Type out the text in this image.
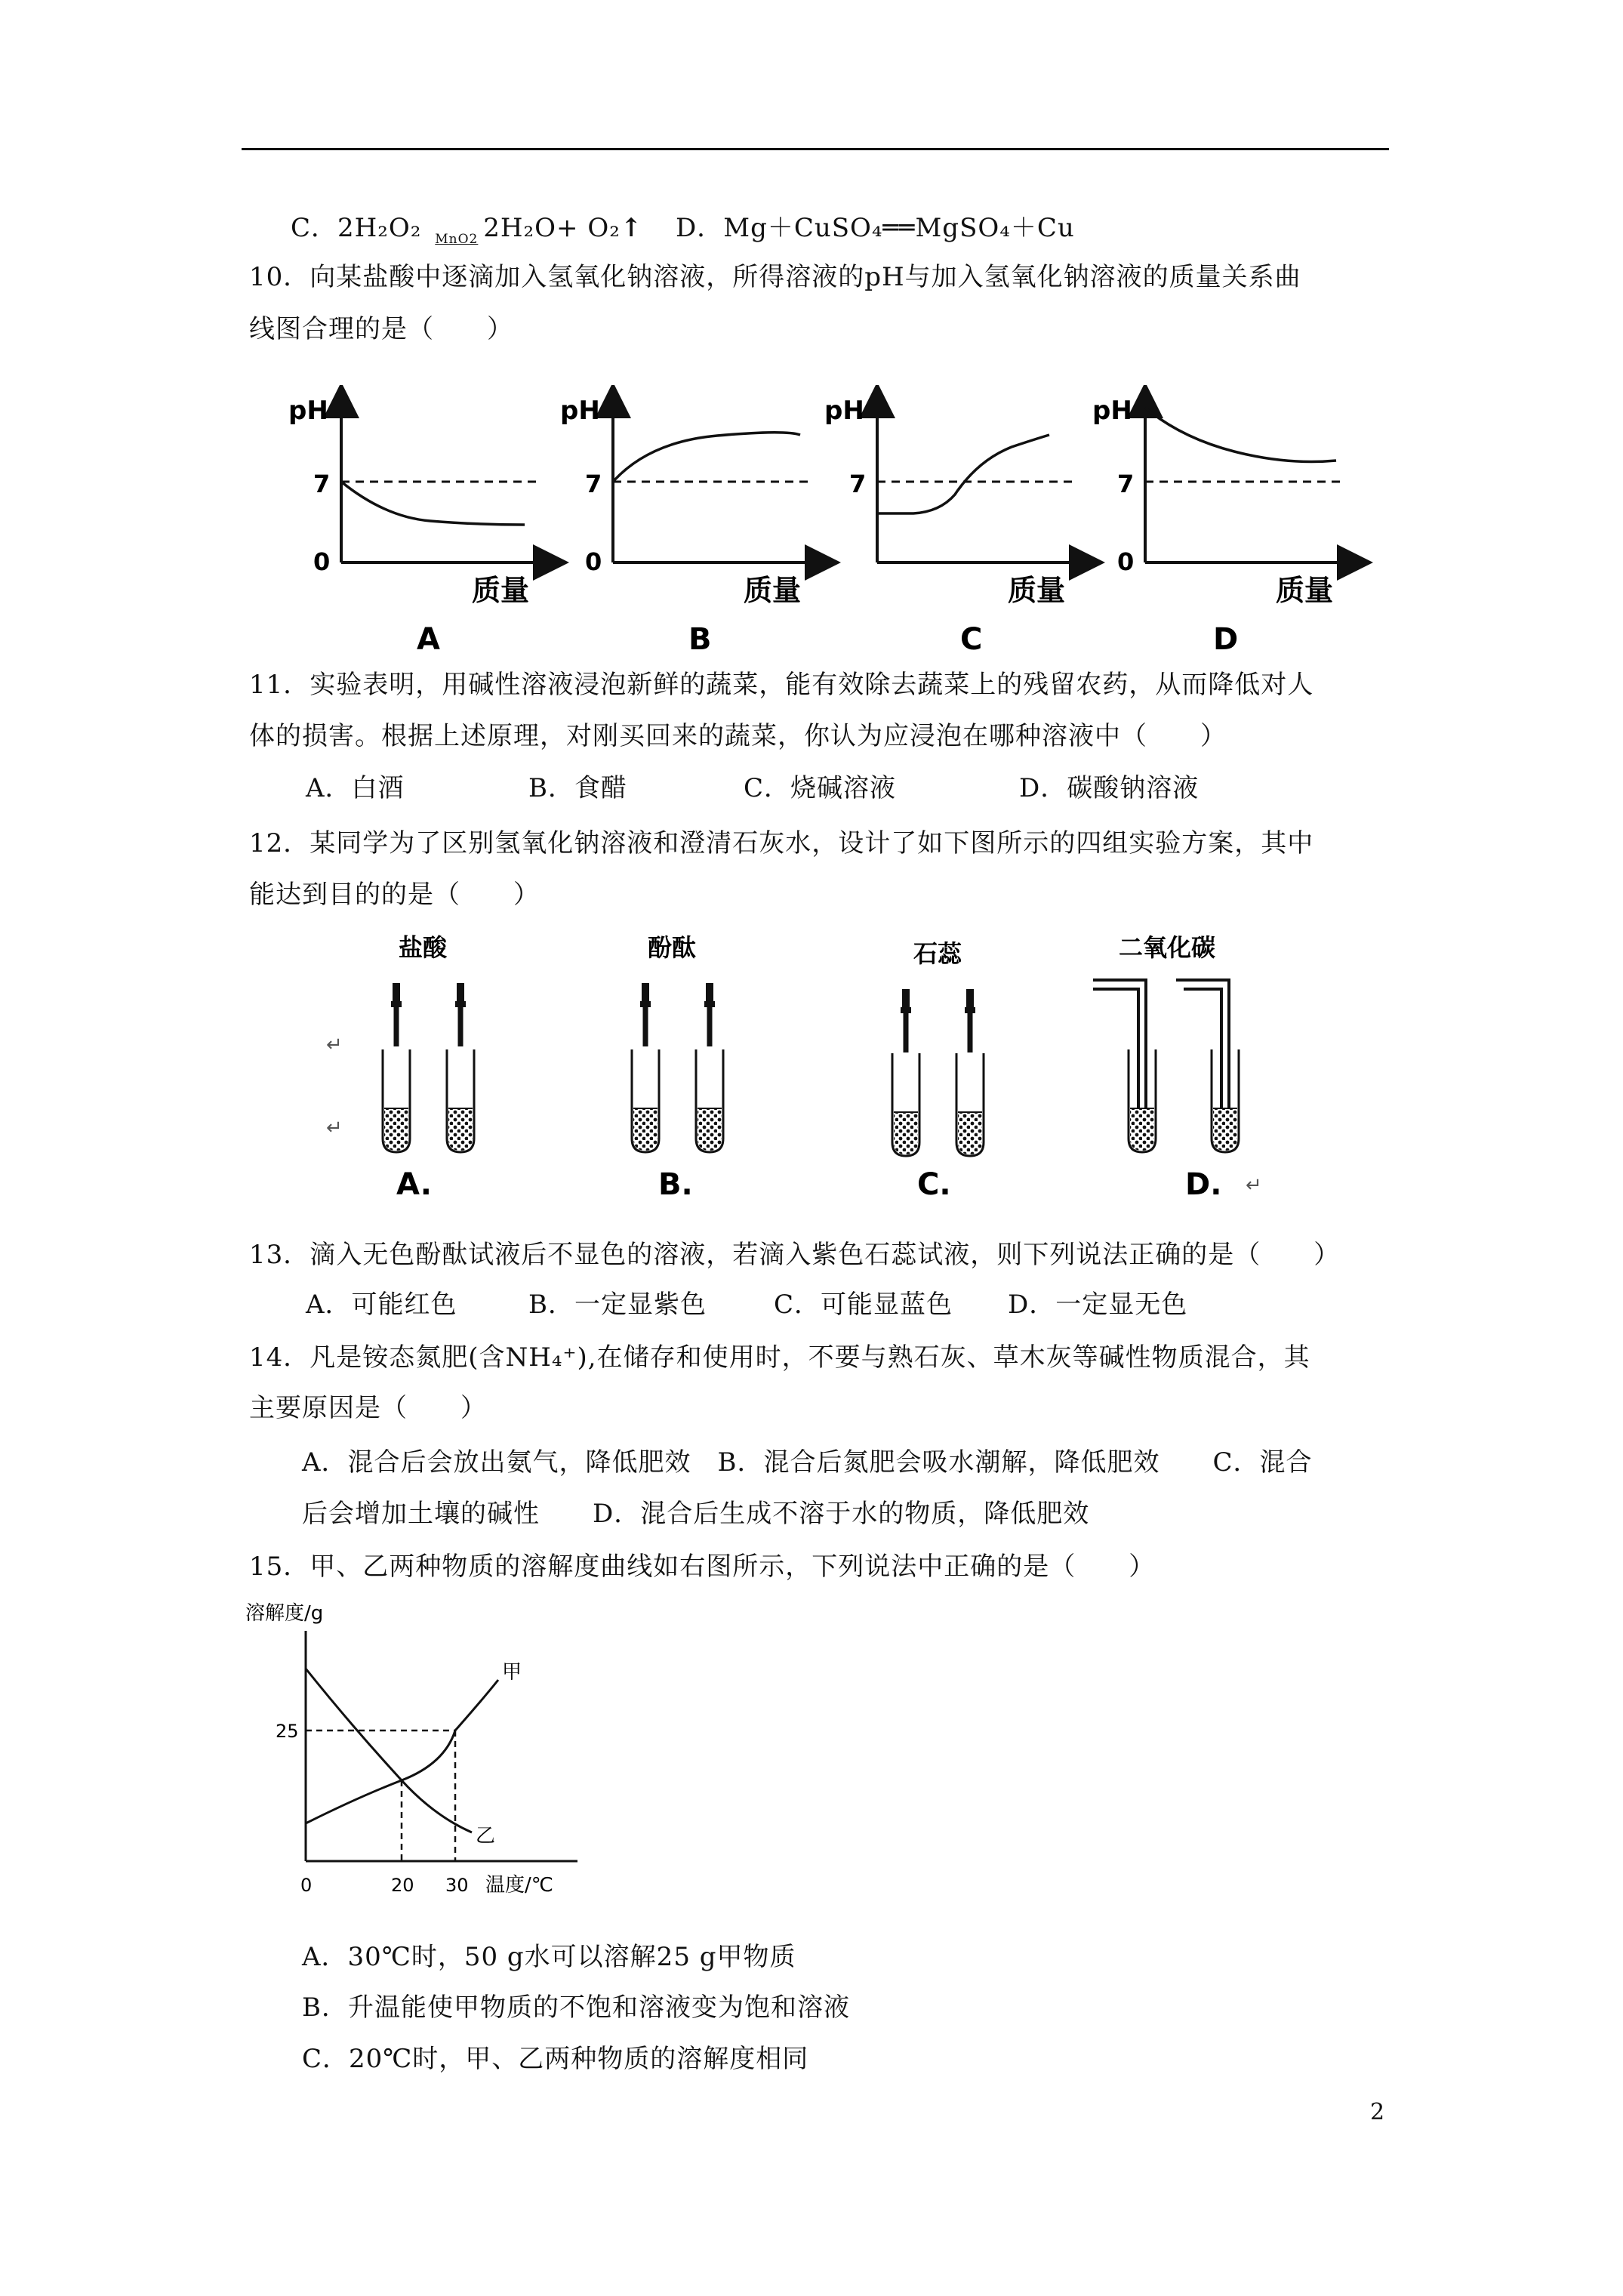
C．2H₂O₂ MnO2 2H₂O+ O₂↑ D．Mg＋CuSO₄══MgSO₄＋Cu
10．向某盐酸中逐滴加入氢氧化钠溶液，所得溶液的pH与加入氢氧化钠溶液的质量关系曲
线图合理的是（　　）
pH
7
0
质量
A
pH
7
0
质量
B
pH
7
质量
C
pH
7
0
质量
D
11．实验表明，用碱性溶液浸泡新鲜的蔬菜，能有效除去蔬菜上的残留农药，从而降低对人
体的损害。根据上述原理，对刚买回来的蔬菜，你认为应浸泡在哪种溶液中（　　）
A．白酒	B．食醋	C．烧碱溶液	D．碳酸钠溶液
12．某同学为了区别氢氧化钠溶液和澄清石灰水，设计了如下图所示的四组实验方案，其中
能达到目的的是（　　）
↵
↵
盐酸
A.
酚酞
B.
石蕊
C.
二氧化碳
D. ↵
13．滴入无色酚酞试液后不显色的溶液，若滴入紫色石蕊试液，则下列说法正确的是（　　）
A．可能红色	B．一定显紫色	C．可能显蓝色 D．一定显无色
14．凡是铵态氮肥(含NH₄⁺),在储存和使用时，不要与熟石灰、草木灰等碱性物质混合，其
主要原因是（　　）
A．混合后会放出氨气，降低肥效　B．混合后氮肥会吸水潮解，降低肥效　　C．混合
后会增加土壤的碱性　　D．混合后生成不溶于水的物质，降低肥效
15．甲、乙两种物质的溶解度曲线如右图所示，下列说法中正确的是（　　）
溶解度/g
甲
乙
25
0	20 30 温度/℃
A．30℃时，50 g水可以溶解25 g甲物质
B．升温能使甲物质的不饱和溶液变为饱和溶液
C．20℃时，甲、乙两种物质的溶解度相同
2
